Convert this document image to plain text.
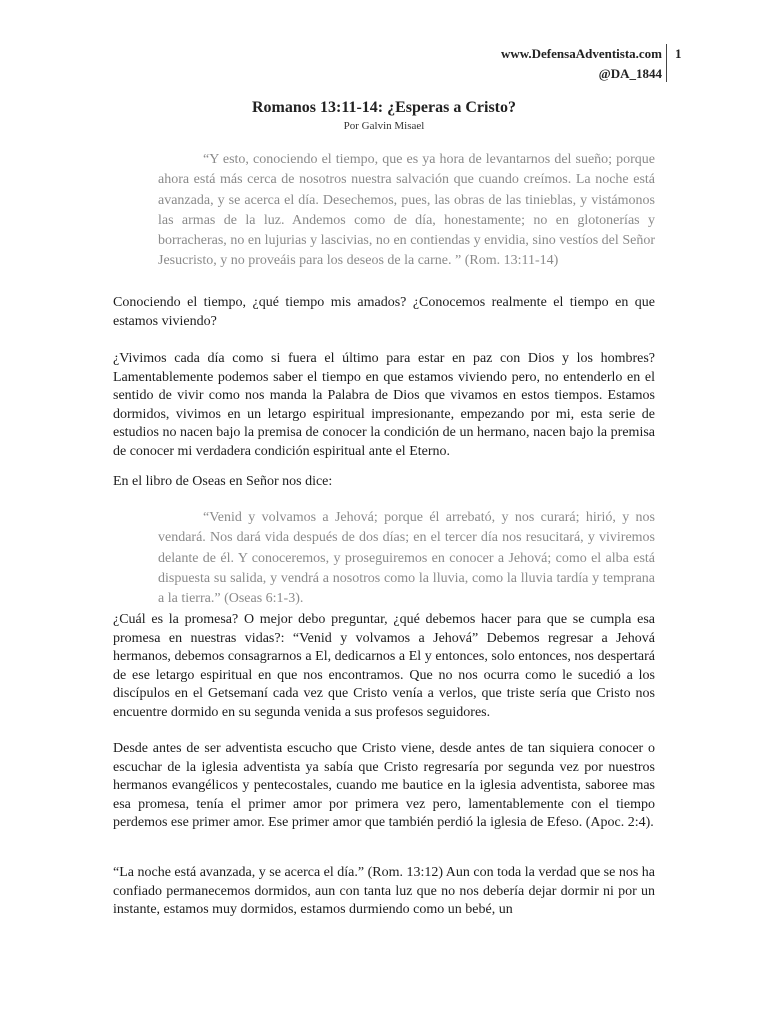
www.DefensaAdventista.com
@DA_1844
1
Romanos 13:11-14: ¿Esperas a Cristo?
Por Galvin Misael
“Y esto, conociendo el tiempo, que es ya hora de levantarnos del sueño; porque ahora está más cerca de nosotros nuestra salvación que cuando creímos. La noche está avanzada, y se acerca el día. Desechemos, pues, las obras de las tinieblas, y vistámonos las armas de la luz. Andemos como de día, honestamente; no en glotonerías y borracheras, no en lujurias y lascivias, no en contiendas y envidia, sino vestíos del Señor Jesucristo, y no proveáis para los deseos de la carne. ” (Rom. 13:11-14)
Conociendo el tiempo, ¿qué tiempo mis amados? ¿Conocemos realmente el tiempo en que estamos viviendo?
¿Vivimos cada día como si fuera el último para estar en paz con Dios y los hombres? Lamentablemente podemos saber el tiempo en que estamos viviendo pero, no entenderlo en el sentido de vivir como nos manda la Palabra de Dios que vivamos en estos tiempos. Estamos dormidos, vivimos en un letargo espiritual impresionante, empezando por mi, esta serie de estudios no nacen bajo la premisa de conocer la condición de un hermano, nacen bajo la premisa de conocer mi verdadera condición espiritual ante el Eterno.
En el libro de Oseas en Señor nos dice:
“Venid y volvamos a Jehová; porque él arrebató, y nos curará; hirió, y nos vendará. Nos dará vida después de dos días; en el tercer día nos resucitará, y viviremos delante de él. Y conoceremos, y proseguiremos en conocer a Jehová; como el alba está dispuesta su salida, y vendrá a nosotros como la lluvia, como la lluvia tardía y temprana a la tierra.” (Oseas 6:1-3).
¿Cuál es la promesa? O mejor debo preguntar, ¿qué debemos hacer para que se cumpla esa promesa en nuestras vidas?: “Venid y volvamos a Jehová” Debemos regresar a Jehová hermanos, debemos consagrarnos a El, dedicarnos a El y entonces, solo entonces, nos despertará de ese letargo espiritual en que nos encontramos. Que no nos ocurra como le sucedió a los discípulos en el Getsemaní cada vez que Cristo venía a verlos, que triste sería que Cristo nos encuentre dormido en su segunda venida a sus profesos seguidores.
Desde antes de ser adventista escucho que Cristo viene, desde antes de tan siquiera conocer o escuchar de la iglesia adventista ya sabía que Cristo regresaría por segunda vez por nuestros hermanos evangélicos y pentecostales, cuando me bautice en la iglesia adventista, saboree mas esa promesa, tenía el primer amor por primera vez pero, lamentablemente con el tiempo perdemos ese primer amor. Ese primer amor que también perdió la iglesia de Efeso. (Apoc. 2:4).
“La noche está avanzada, y se acerca el día.” (Rom. 13:12) Aun con toda la verdad que se nos ha confiado permanecemos dormidos, aun con tanta luz que no nos debería dejar dormir ni por un instante, estamos muy dormidos, estamos durmiendo como un bebé, un
